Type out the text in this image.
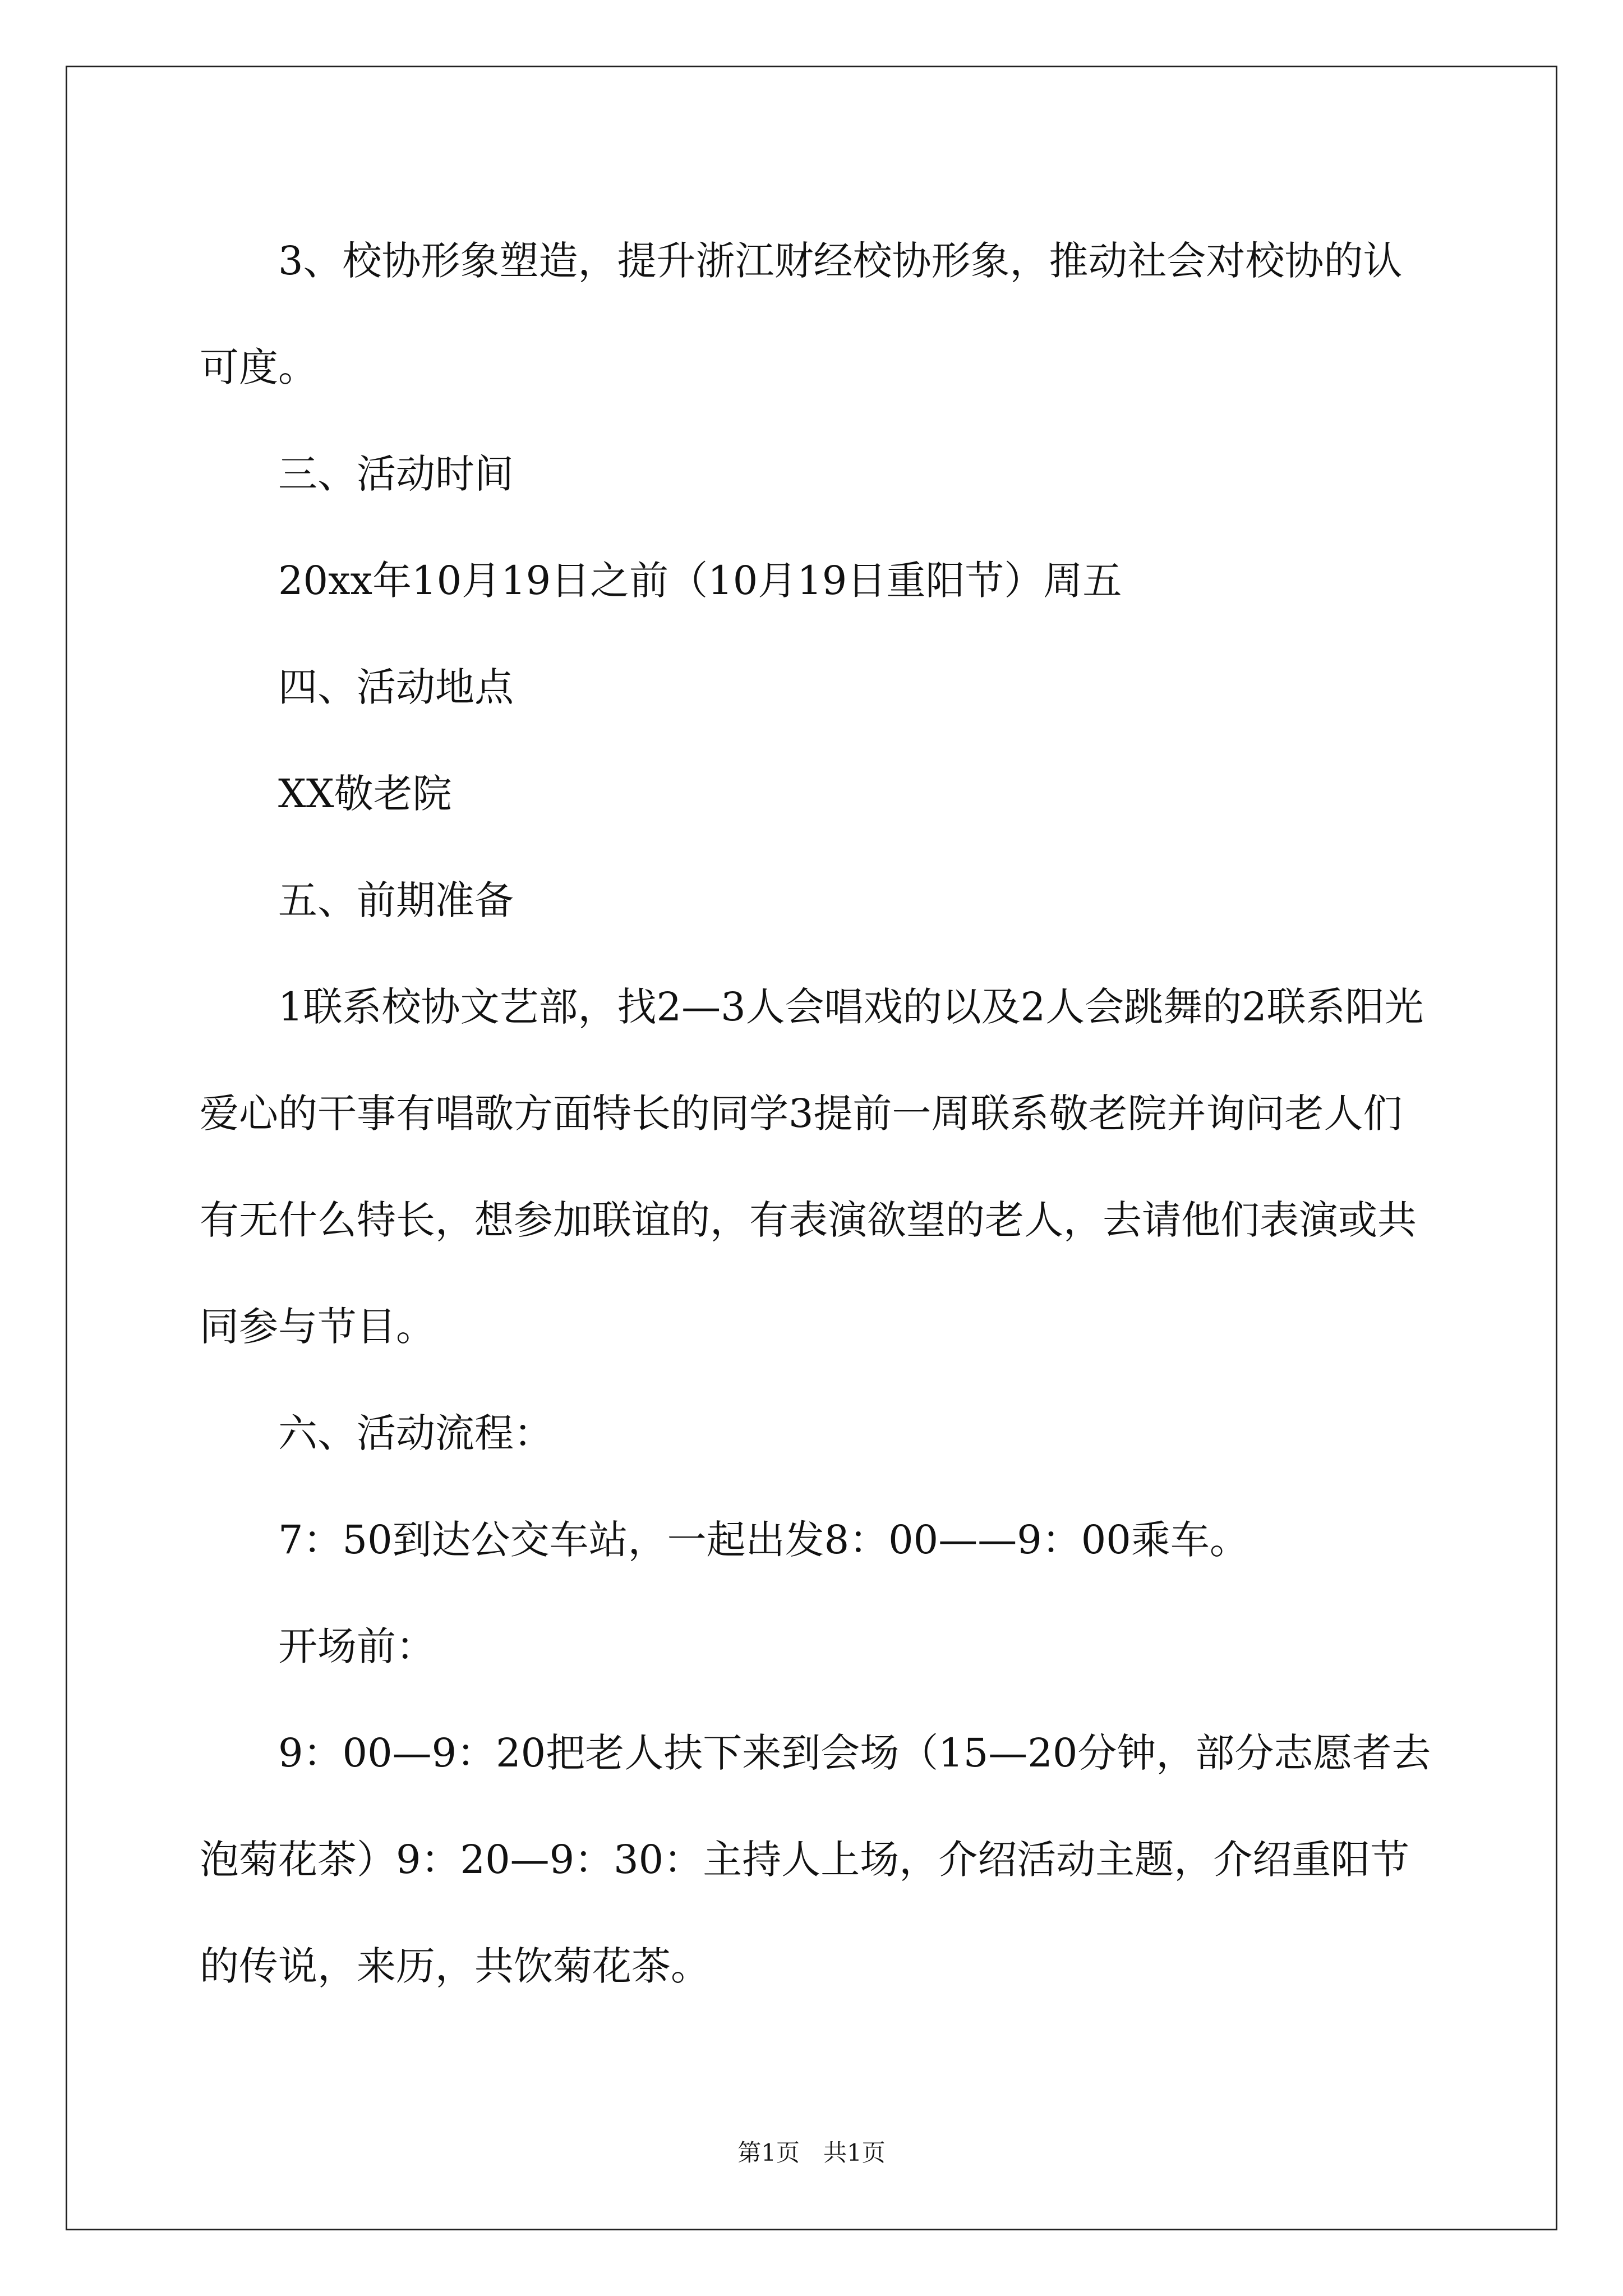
3、校协形象塑造，提升浙江财经校协形象，推动社会对校协的认可度。

三、活动时间

20xx年10月19日之前（10月19日重阳节）周五

四、活动地点

XX敬老院

五、前期准备

1联系校协文艺部，找2—3人会唱戏的以及2人会跳舞的2联系阳光爱心的干事有唱歌方面特长的同学3提前一周联系敬老院并询问老人们有无什么特长，想参加联谊的，有表演欲望的老人，去请他们表演或共同参与节目。

六、活动流程：

7：50到达公交车站，一起出发8：00——9：00乘车。

开场前：

9：00—9：20把老人扶下来到会场（15—20分钟，部分志愿者去泡菊花茶）9：20—9：30：主持人上场，介绍活动主题，介绍重阳节的传说，来历，共饮菊花茶。

第1页　共1页
